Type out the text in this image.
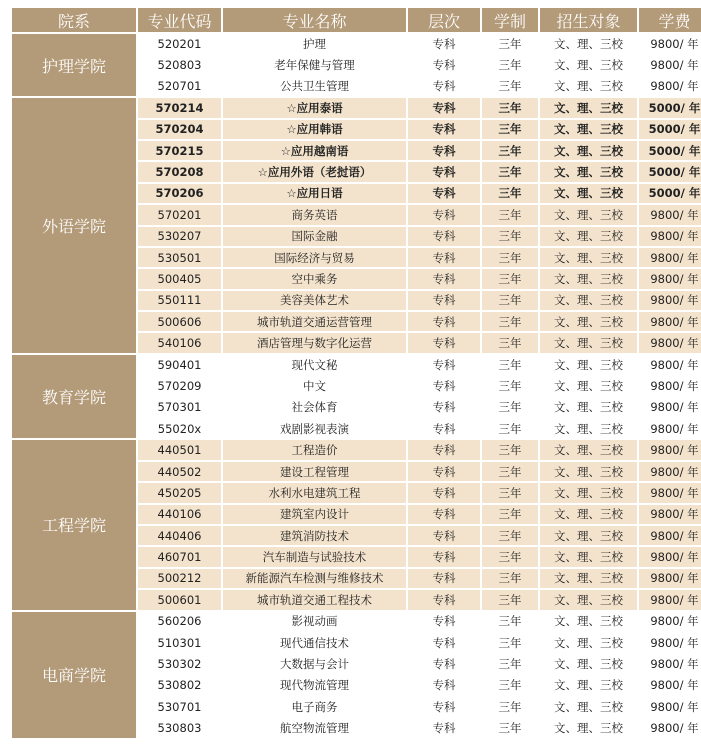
院系	专业代码	专业名称	层次	学制	招生对象	学费
护理学院	520201	护理	专科	三年	文、理、三校	9800/ 年
	520803	老年保健与管理	专科	三年	文、理、三校	9800/ 年
	520701	公共卫生管理	专科	三年	文、理、三校	9800/ 年
外语学院	570214	☆应用泰语	专科	三年	文、理、三校	5000/ 年
	570204	☆应用韩语	专科	三年	文、理、三校	5000/ 年
	570215	☆应用越南语	专科	三年	文、理、三校	5000/ 年
	570208	☆应用外语（老挝语）	专科	三年	文、理、三校	5000/ 年
	570206	☆应用日语	专科	三年	文、理、三校	5000/ 年
	570201	商务英语	专科	三年	文、理、三校	9800/ 年
	530207	国际金融	专科	三年	文、理、三校	9800/ 年
	530501	国际经济与贸易	专科	三年	文、理、三校	9800/ 年
	500405	空中乘务	专科	三年	文、理、三校	9800/ 年
	550111	美容美体艺术	专科	三年	文、理、三校	9800/ 年
	500606	城市轨道交通运营管理	专科	三年	文、理、三校	9800/ 年
	540106	酒店管理与数字化运营	专科	三年	文、理、三校	9800/ 年
教育学院	590401	现代文秘	专科	三年	文、理、三校	9800/ 年
	570209	中文	专科	三年	文、理、三校	9800/ 年
	570301	社会体育	专科	三年	文、理、三校	9800/ 年
	55020x	戏剧影视表演	专科	三年	文、理、三校	9800/ 年
工程学院	440501	工程造价	专科	三年	文、理、三校	9800/ 年
	440502	建设工程管理	专科	三年	文、理、三校	9800/ 年
	450205	水利水电建筑工程	专科	三年	文、理、三校	9800/ 年
	440106	建筑室内设计	专科	三年	文、理、三校	9800/ 年
	440406	建筑消防技术	专科	三年	文、理、三校	9800/ 年
	460701	汽车制造与试验技术	专科	三年	文、理、三校	9800/ 年
	500212	新能源汽车检测与维修技术	专科	三年	文、理、三校	9800/ 年
	500601	城市轨道交通工程技术	专科	三年	文、理、三校	9800/ 年
电商学院	560206	影视动画	专科	三年	文、理、三校	9800/ 年
	510301	现代通信技术	专科	三年	文、理、三校	9800/ 年
	530302	大数据与会计	专科	三年	文、理、三校	9800/ 年
	530802	现代物流管理	专科	三年	文、理、三校	9800/ 年
	530701	电子商务	专科	三年	文、理、三校	9800/ 年
	530803	航空物流管理	专科	三年	文、理、三校	9800/ 年
